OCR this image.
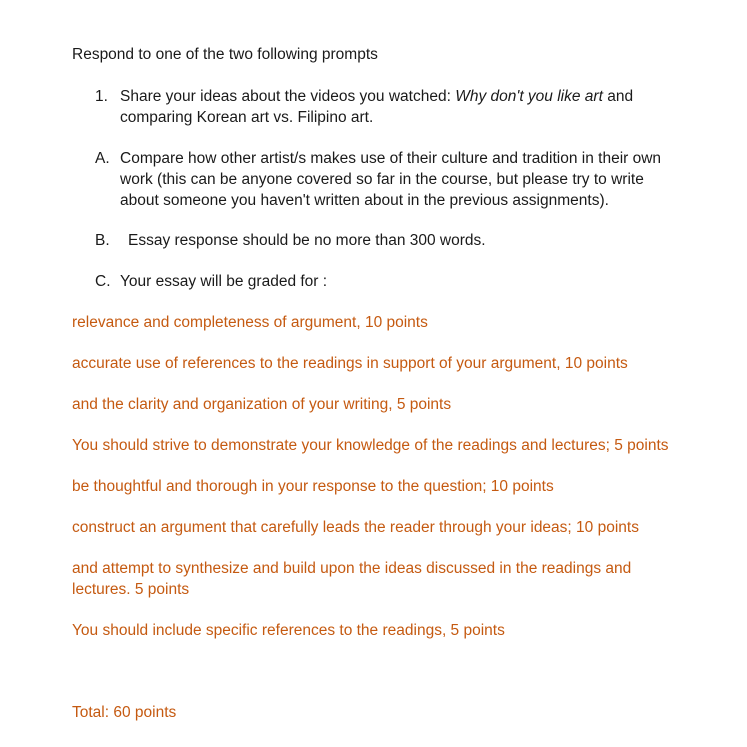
Respond to one of the two following prompts
1. Share your ideas about the videos you watched: Why don't you like art and
comparing Korean art vs. Filipino art.
A. Compare how other artist/s makes use of their culture and tradition in their own
work (this can be anyone covered so far in the course, but please try to write
about someone you haven't written about in the previous assignments).
B. Essay response should be no more than 300 words.
C. Your essay will be graded for :
relevance and completeness of argument, 10 points
accurate use of references to the readings in support of your argument, 10 points
and the clarity and organization of your writing, 5 points
You should strive to demonstrate your knowledge of the readings and lectures; 5 points
be thoughtful and thorough in your response to the question; 10 points
construct an argument that carefully leads the reader through your ideas; 10 points
and attempt to synthesize and build upon the ideas discussed in the readings and
lectures. 5 points
You should include specific references to the readings, 5 points
Total: 60 points
